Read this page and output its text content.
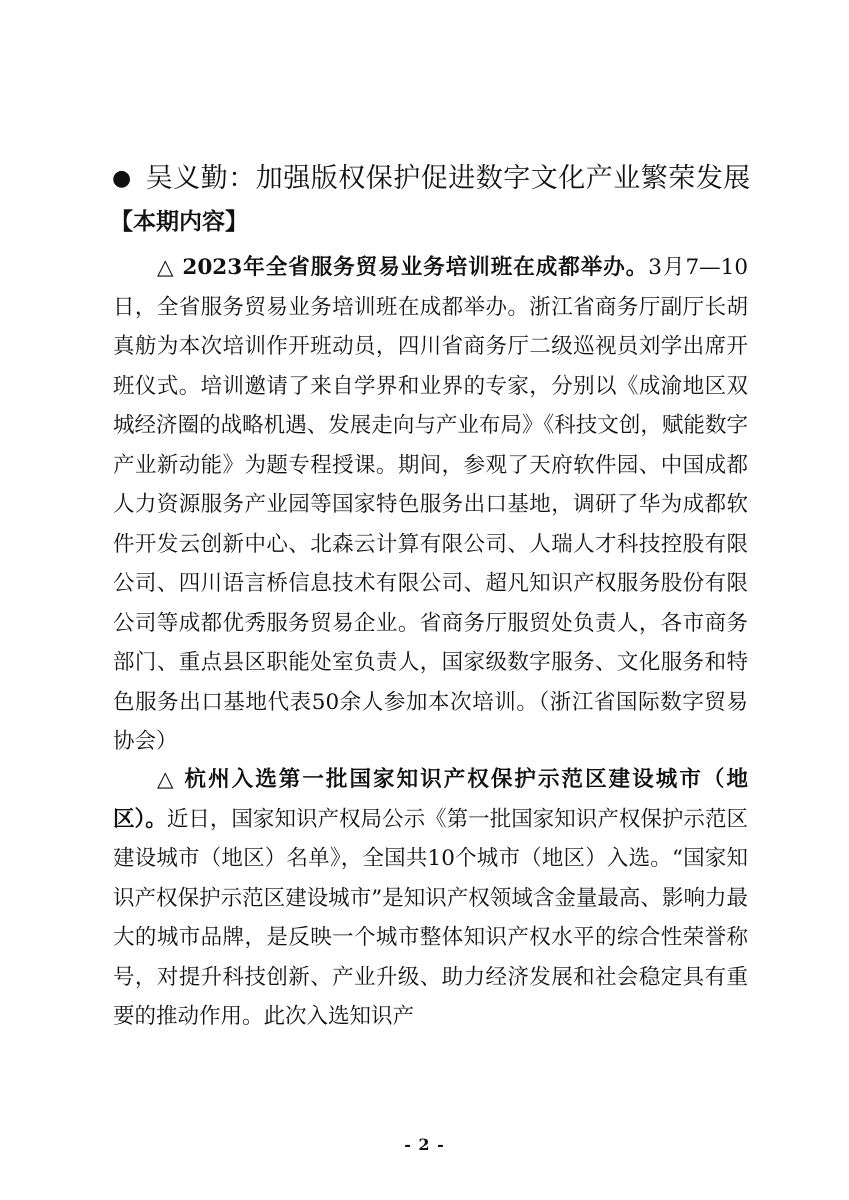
● 吴义勤：加强版权保护促进数字文化产业繁荣发展
【本期内容】

△ 2023年全省服务贸易业务培训班在成都举办。3月7—10日，全省服务贸易业务培训班在成都举办。浙江省商务厅副厅长胡真舫为本次培训作开班动员，四川省商务厅二级巡视员刘学出席开班仪式。培训邀请了来自学界和业界的专家，分别以《成渝地区双城经济圈的战略机遇、发展走向与产业布局》《科技文创，赋能数字产业新动能》为题专程授课。期间，参观了天府软件园、中国成都人力资源服务产业园等国家特色服务出口基地，调研了华为成都软件开发云创新中心、北森云计算有限公司、人瑞人才科技控股有限公司、四川语言桥信息技术有限公司、超凡知识产权服务股份有限公司等成都优秀服务贸易企业。省商务厅服贸处负责人，各市商务部门、重点县区职能处室负责人，国家级数字服务、文化服务和特色服务出口基地代表50余人参加本次培训。（浙江省国际数字贸易协会）

△ 杭州入选第一批国家知识产权保护示范区建设城市（地区）。近日，国家知识产权局公示《第一批国家知识产权保护示范区建设城市（地区）名单》，全国共10个城市（地区）入选。“国家知识产权保护示范区建设城市”是知识产权领域含金量最高、影响力最大的城市品牌，是反映一个城市整体知识产权水平的综合性荣誉称号，对提升科技创新、产业升级、助力经济发展和社会稳定具有重要的推动作用。此次入选知识产

- 2 -
